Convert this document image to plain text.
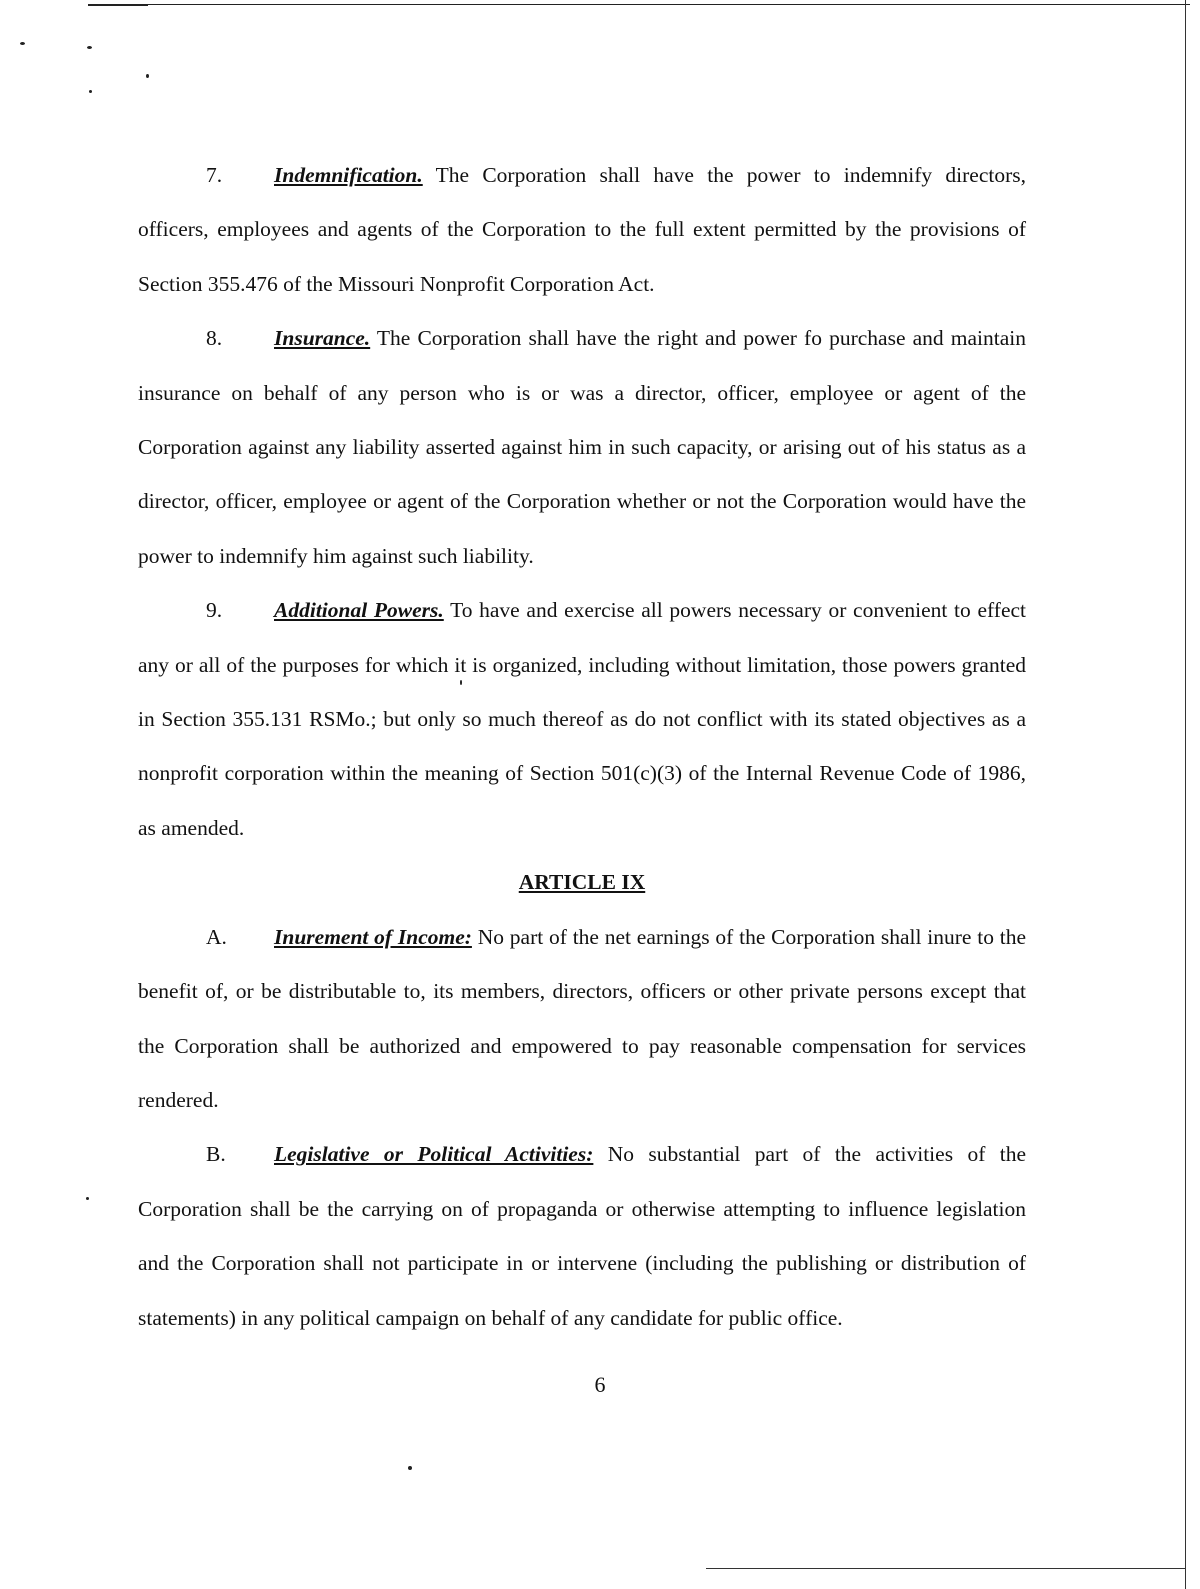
7. Indemnification. The Corporation shall have the power to indemnify directors, officers, employees and agents of the Corporation to the full extent permitted by the provisions of Section 355.476 of the Missouri Nonprofit Corporation Act.

8. Insurance. The Corporation shall have the right and power fo purchase and maintain insurance on behalf of any person who is or was a director, officer, employee or agent of the Corporation against any liability asserted against him in such capacity, or arising out of his status as a director, officer, employee or agent of the Corporation whether or not the Corporation would have the power to indemnify him against such liability.

9. Additional Powers. To have and exercise all powers necessary or convenient to effect any or all of the purposes for which it is organized, including without limitation, those powers granted in Section 355.131 RSMo.; but only so much thereof as do not conflict with its stated objectives as a nonprofit corporation within the meaning of Section 501(c)(3) of the Internal Revenue Code of 1986, as amended.

ARTICLE IX

A. Inurement of Income: No part of the net earnings of the Corporation shall inure to the benefit of, or be distributable to, its members, directors, officers or other private persons except that the Corporation shall be authorized and empowered to pay reasonable compensation for services rendered.

B. Legislative or Political Activities: No substantial part of the activities of the Corporation shall be the carrying on of propaganda or otherwise attempting to influence legislation and the Corporation shall not participate in or intervene (including the publishing or distribution of statements) in any political campaign on behalf of any candidate for public office.

6
